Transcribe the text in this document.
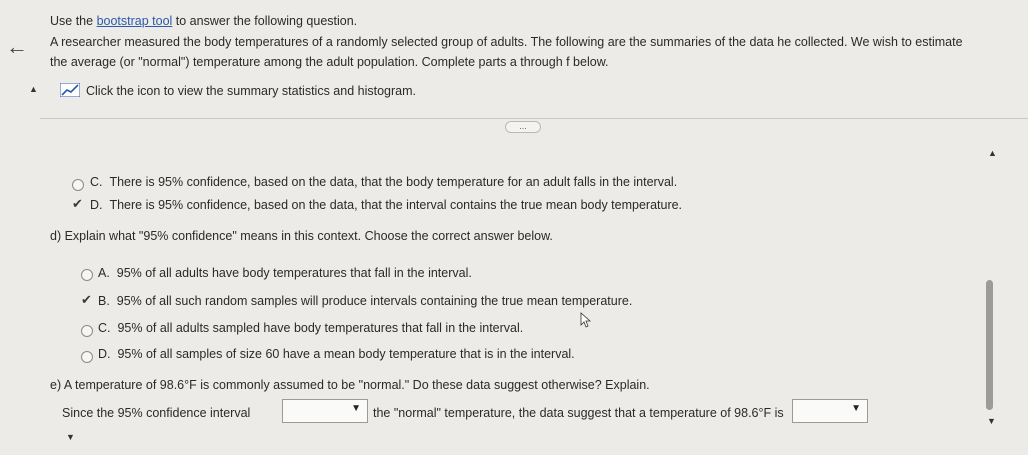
←
Use the bootstrap tool to answer the following question.
A researcher measured the body temperatures of a randomly selected group of adults. The following are the summaries of the data he collected. We wish to estimate
the average (or "normal") temperature among the adult population. Complete parts a through f below.
▲	Click the icon to view the summary statistics and histogram.
...
▲
C. There is 95% confidence, based on the data, that the body temperature for an adult falls in the interval.
✔ D. There is 95% confidence, based on the data, that the interval contains the true mean body temperature.
d) Explain what "95% confidence" means in this context. Choose the correct answer below.
A. 95% of all adults have body temperatures that fall in the interval.
✔ B. 95% of all such random samples will produce intervals containing the true mean temperature.
C. 95% of all adults sampled have body temperatures that fall in the interval.
D. 95% of all samples of size 60 have a mean body temperature that is in the interval.
e) A temperature of 98.6°F is commonly assumed to be "normal." Do these data suggest otherwise? Explain.
Since the 95% confidence interval	▼ the "normal" temperature, the data suggest that a temperature of 98.6°F is	▼
▼
▼
